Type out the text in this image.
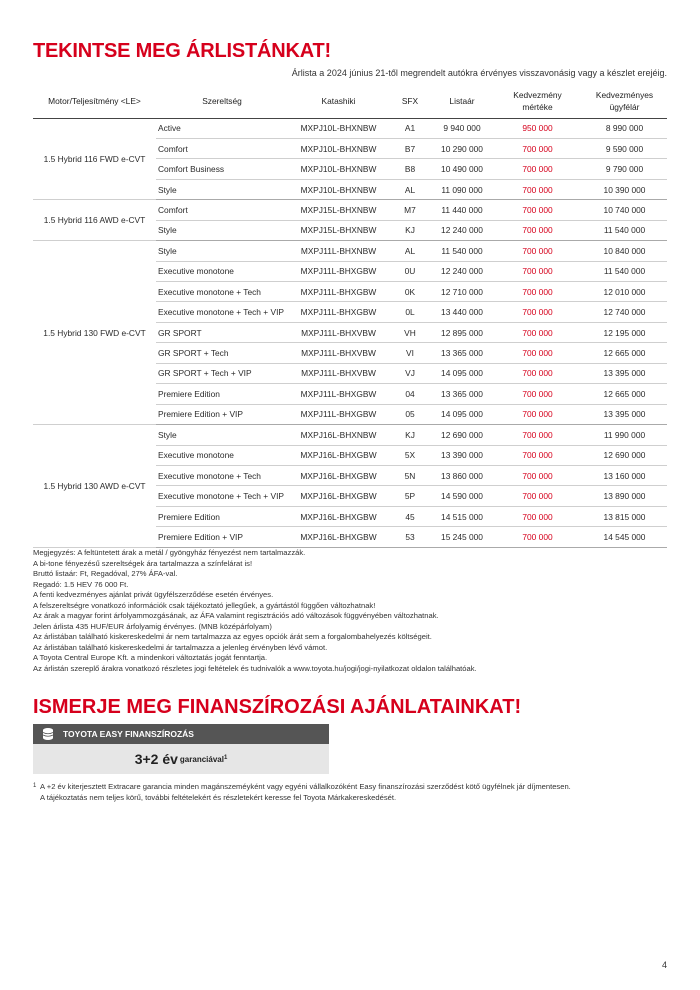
TEKINTSE MEG ÁRLISTÁNKAT!
Árlista a 2024 június 21-től megrendelt autókra érvényes visszavonásig vagy a készlet erejéig.
Motor/Teljesítmény <LE>	Szereltség	Katashiki	SFX	Listaár	Kedvezmény
mértéke	Kedvezményes
ügyfélár
1.5 Hybrid 116 FWD e-CVT	Active	MXPJ10L-BHXNBW	A1	9 940 000	950 000	8 990 000
	Comfort	MXPJ10L-BHXNBW	B7	10 290 000	700 000	9 590 000
	Comfort Business	MXPJ10L-BHXNBW	B8	10 490 000	700 000	9 790 000
	Style	MXPJ10L-BHXNBW	AL	11 090 000	700 000	10 390 000
1.5 Hybrid 116 AWD e-CVT	Comfort	MXPJ15L-BHXNBW	M7	11 440 000	700 000	10 740 000
	Style	MXPJ15L-BHXNBW	KJ	12 240 000	700 000	11 540 000
1.5 Hybrid 130 FWD e-CVT	Style	MXPJ11L-BHXNBW	AL	11 540 000	700 000	10 840 000
	Executive monotone	MXPJ11L-BHXGBW	0U	12 240 000	700 000	11 540 000
	Executive monotone + Tech	MXPJ11L-BHXGBW	0K	12 710 000	700 000	12 010 000
	Executive monotone + Tech + VIP	MXPJ11L-BHXGBW	0L	13 440 000	700 000	12 740 000
	GR SPORT	MXPJ11L-BHXVBW	VH	12 895 000	700 000	12 195 000
	GR SPORT + Tech	MXPJ11L-BHXVBW	VI	13 365 000	700 000	12 665 000
	GR SPORT + Tech + VIP	MXPJ11L-BHXVBW	VJ	14 095 000	700 000	13 395 000
	Premiere Edition	MXPJ11L-BHXGBW	04	13 365 000	700 000	12 665 000
	Premiere Edition + VIP	MXPJ11L-BHXGBW	05	14 095 000	700 000	13 395 000
1.5 Hybrid 130 AWD e-CVT	Style	MXPJ16L-BHXNBW	KJ	12 690 000	700 000	11 990 000
	Executive monotone	MXPJ16L-BHXGBW	5X	13 390 000	700 000	12 690 000
	Executive monotone + Tech	MXPJ16L-BHXGBW	5N	13 860 000	700 000	13 160 000
	Executive monotone + Tech + VIP	MXPJ16L-BHXGBW	5P	14 590 000	700 000	13 890 000
	Premiere Edition	MXPJ16L-BHXGBW	45	14 515 000	700 000	13 815 000
	Premiere Edition + VIP	MXPJ16L-BHXGBW	53	15 245 000	700 000	14 545 000
Megjegyzés: A feltüntetett árak a metál / gyöngyház fényezést nem tartalmazzák.
A bi-tone fényezésű szereltségek ára tartalmazza a színfelárat is!
Bruttó listaár: Ft, Regadóval, 27% ÁFA-val.
Regadó: 1.5 HEV 76 000 Ft.
A fenti kedvezményes ajánlat privát ügyfélszerződése esetén érvényes.
A felszereltségre vonatkozó információk csak tájékoztató jellegűek, a gyártástól függően változhatnak!
Az árak a magyar forint árfolyammozgásának, az ÁFA valamint regisztrációs adó változások függvényében változhatnak.
Jelen árlista 435 HUF/EUR árfolyamig érvényes. (MNB középárfolyam)
Az árlistában található kiskereskedelmi ár nem tartalmazza az egyes opciók árát sem a forgalombahelyezés költségeit.
Az árlistában található kiskereskedelmi ár tartalmazza a jelenleg érvényben lévő vámot.
A Toyota Central Europe Kft. a mindenkori változtatás jogát fenntartja.
Az árlistán szereplő árakra vonatkozó részletes jogi feltételek és tudnivalók a www.toyota.hu/jogi/jogi-nyilatkozat oldalon találhatóak.
ISMERJE MEG FINANSZÍROZÁSI AJÁNLATAINKAT!
TOYOTA EASY FINANSZÍROZÁS
3+2 év garanciával$^1$
1 A +2 év kiterjesztett Extracare garancia minden magánszeméyként vagy egyéni vállalkozóként Easy finanszírozási szerződést kötő ügyfélnek jár díjmentesen.
A tájékoztatás nem teljes körű, további feltételekért és részletekért keresse fel Toyota Márkakereskedését.
4
